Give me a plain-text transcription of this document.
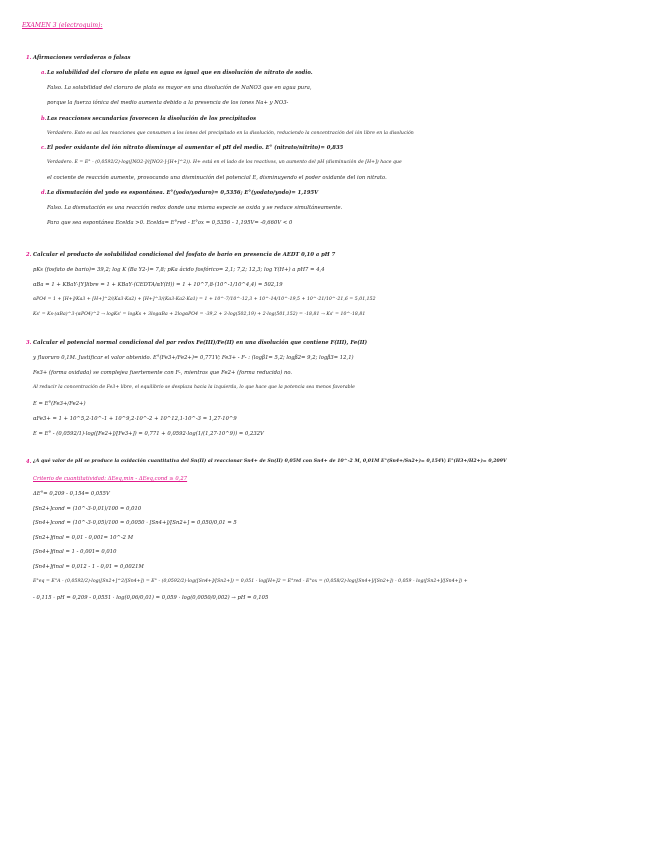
EXAMEN 3 (electroquim):
1. Afirmaciones verdaderas o falsas
a. La solubilidad del cloruro de plata en agua es igual que en disolución de nitrato de sodio.
Falso. La solubilidad del cloruro de plata es mayor en una disolución de NaNO3 que en agua pura,
porque la fuerza iónica del medio aumenta debido a la presencia de los iones Na+ y NO3-
b. Las reacciones secundarias favorecen la disolución de los precipitados
Verdadero. Esto es así las reacciones que consumen a los iones del precipitado en la disolución, reduciendo la concentración del ión libre en la disolución
c. El poder oxidante del ión nitrato disminuye al aumentar el pH del medio. E° (nitrato/nitrito)= 0,835
Verdadero. E = E° - (0,0592/2)·log([NO2-]/([NO3-]·[H+]^2)). H+ está en el lado de los reactivos, un aumento del pH (disminución de [H+]) hace que
el cociente de reacción aumente, provocando una disminución del potencial E, disminuyendo el poder oxidante del ion nitrato.
d. La dismutación del yodo es espontánea. E°(yodo/yoduro)= 0,5356; E°(yodato/yodo)= 1,195V
Falso. La dismutación es una reacción redox donde una misma especie se oxida y se reduce simultáneamente.
Para que sea espontánea Ecelda >0. Ecelda= E°red - E°ox = 0,5356 - 1,195V= -0,660V < 0
2. Calcular el producto de solubilidad condicional del fosfato de bario en presencia de AEDT 0,10 a pH 7
pKs (fosfato de bario)= 39,2; log K (Ba Y2-)= 7,8; pKa ácido fosfórico= 2,1; 7,2; 12,3; log Y(H+) a pH7 = 4,4
αBa = 1 + KBaY·[Y]libre = 1 + KBaY·(CEDTA/αY(H)) = 1 + 10^7,8·(10^-1/10^4,4) = 502,19
αPO4 = 1 + [H+]/Ka3 + [H+]^2/(Ka3·Ka2) + [H+]^3/(Ka3·Ka2·Ka1) = 1 + 10^-7/10^-12,3 + 10^-14/10^-19,5 + 10^-21/10^-21,6 = 5,01,152
Ks' = Ks·(αBa)^3·(αPO4)^2 → logKs' = logKs + 3logαBa + 2logαPO4 = -39,2 + 3·log(502,19) + 2·log(501,152) = -18,81 → Ks' = 10^-18,81
3. Calcular el potencial normal condicional del par redox Fe(III)/Fe(II) en una disolución que contiene F(III), Fe(II)
y fluoruro 0,1M. Justificar el valor obtenido. E°(Fe3+/Fe2+)= 0,771V; Fe3+ - F- : (logβ1= 5,2; logβ2= 9,2; logβ3= 12,1)
Fe3+ (forma oxidada) se complejea fuertemente con F-, mientras que Fe2+ (forma reducida) no.
Al reducir la concentración de Fe3+ libre, el equilibrio se desplaza hacia la izquierda, lo que hace que la potencia sea menos favorable
E = E°(Fe3+/Fe2+)
αFe3+ = 1 + 10^5,2·10^-1 + 10^9,2·10^-2 + 10^12,1·10^-3 = 1,27·10^9
E = E° - (0,0592/1)·log([Fe2+]/[Fe3+]) = 0,771 + 0,0592·log(1/(1,27·10^9)) = 0,232V
4. ¿A qué valor de pH se produce la oxidación cuantitativa del Sn(II) al reaccionar Sn4+ de Sn(II) 0,05M con Sn4+ de 10^-2 M, 0,01M E°(Sn4+/Sn2+)= 0,154V; E°(H3+/H2+)= 0,209V
Criterio de cuantitatividad: ΔEeq,min - ΔEeq,cond ≥ 0,27
ΔE°= 0,209 - 0,154= 0,055V
[Sn2+]cond = (10^-3·0,01)/100 = 0,010
[Sn4+]cond = (10^-3·0,05)/100 = 0,0050 · [Sn4+]/[Sn2+] = 0,050/0,01 = 5
[Sn2+]final = 0,01 - 0,001= 10^-2 M
[Sn4+]final = 1 - 0,001= 0,010
[Sn4+]final = 0,012 - 1 - 0,01 = 0,0021M
E°eq = E°A - (0,0592/2)·log([Sn2+]^2/[Sn4+]) = E° - (0,0592/2)·log([Sn4+]/[Sn2+]) = 0,051 - log[H+]2 = E°red - E°ox = (0,058/2)·log([Sn4+]/[Sn2+]) - 0,059 - log([Sn2+]/[Sn4+]) +
- 0,115 · pH = 0,209 - 0,0551 · log(0,06/0,01) = 0,059 · log(0,0050/0,002) → pH = 0,105
